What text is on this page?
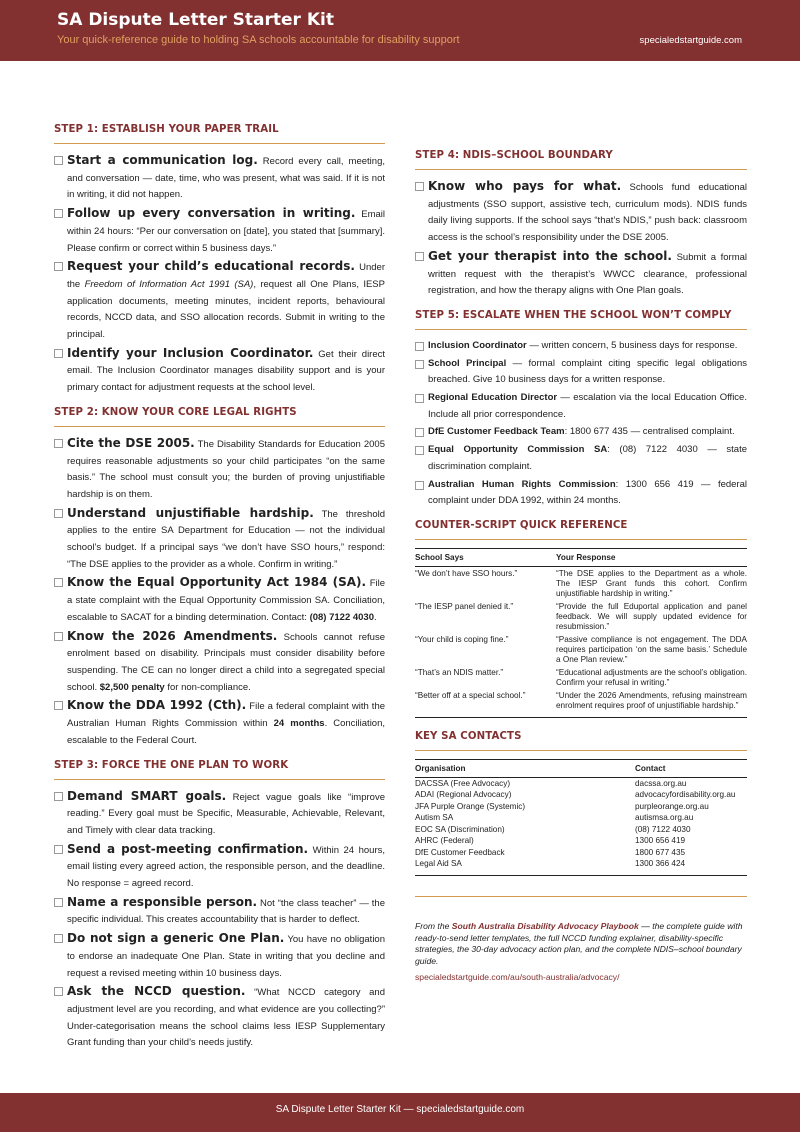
SA Dispute Letter Starter Kit
Your quick-reference guide to holding SA schools accountable for disability support	specialedstartguide.com
STEP 1: ESTABLISH YOUR PAPER TRAIL
Start a communication log. Record every call, meeting, and conversation — date, time, who was present, what was said. If it is not in writing, it did not happen.
Follow up every conversation in writing. Email within 24 hours: “Per our conversation on [date], you stated that [summary]. Please confirm or correct within 5 business days.”
Request your child’s educational records. Under the Freedom of Information Act 1991 (SA), request all One Plans, IESP application documents, meeting minutes, incident reports, behavioural records, NCCD data, and SSO allocation records. Submit in writing to the principal.
Identify your Inclusion Coordinator. Get their direct email. The Inclusion Coordinator manages disability support and is your primary contact for adjustment requests at the school level.
STEP 2: KNOW YOUR CORE LEGAL RIGHTS
Cite the DSE 2005. The Disability Standards for Education 2005 requires reasonable adjustments so your child participates “on the same basis.” The school must consult you; the burden of proving unjustifiable hardship is on them.
Understand unjustifiable hardship. The threshold applies to the entire SA Department for Education — not the individual school’s budget. If a principal says “we don’t have SSO hours,” respond: “The DSE applies to the provider as a whole. Confirm in writing.”
Know the Equal Opportunity Act 1984 (SA). File a state complaint with the Equal Opportunity Commission SA. Conciliation, escalable to SACAT for a binding determination. Contact: (08) 7122 4030.
Know the 2026 Amendments. Schools cannot refuse enrolment based on disability. Principals must consider disability before suspending. The CE can no longer direct a child into a segregated special school. $2,500 penalty for non-compliance.
Know the DDA 1992 (Cth). File a federal complaint with the Australian Human Rights Commission within 24 months. Conciliation, escalable to the Federal Court.
STEP 3: FORCE THE ONE PLAN TO WORK
Demand SMART goals. Reject vague goals like “improve reading.” Every goal must be Specific, Measurable, Achievable, Relevant, and Timely with clear data tracking.
Send a post-meeting confirmation. Within 24 hours, email listing every agreed action, the responsible person, and the deadline. No response = agreed record.
Name a responsible person. Not “the class teacher” — the specific individual. This creates accountability that is harder to deflect.
Do not sign a generic One Plan. You have no obligation to endorse an inadequate One Plan. State in writing that you decline and request a revised meeting within 10 business days.
Ask the NCCD question. “What NCCD category and adjustment level are you recording, and what evidence are you collecting?” Under-categorisation means the school claims less IESP Supplementary Grant funding than your child’s needs justify.
STEP 4: NDIS–SCHOOL BOUNDARY
Know who pays for what. Schools fund educational adjustments (SSO support, assistive tech, curriculum mods). NDIS funds daily living supports. If the school says “that’s NDIS,” push back: classroom access is the school’s responsibility under the DSE 2005.
Get your therapist into the school. Submit a formal written request with the therapist’s WWCC clearance, professional registration, and how the therapy aligns with One Plan goals.
STEP 5: ESCALATE WHEN THE SCHOOL WON’T COMPLY
Inclusion Coordinator — written concern, 5 business days for response.
School Principal — formal complaint citing specific legal obligations breached. Give 10 business days for a written response.
Regional Education Director — escalation via the local Education Office. Include all prior correspondence.
DfE Customer Feedback Team: 1800 677 435 — centralised complaint.
Equal Opportunity Commission SA: (08) 7122 4030 — state discrimination complaint.
Australian Human Rights Commission: 1300 656 419 — federal complaint under DDA 1992, within 24 months.
COUNTER-SCRIPT QUICK REFERENCE
School Says	Your Response
“We don’t have SSO hours.”	“The DSE applies to the Department as a whole. The IESP Grant funds this cohort. Confirm unjustifiable hardship in writing.”
“The IESP panel denied it.”	“Provide the full Eduportal application and panel feedback. We will supply updated evidence for resubmission.”
“Your child is coping fine.”	“Passive compliance is not engagement. The DDA requires participation ‘on the same basis.’ Schedule a One Plan review.”
“That’s an NDIS matter.”	“Educational adjustments are the school’s obligation. Confirm your refusal in writing.”
“Better off at a special school.”	“Under the 2026 Amendments, refusing mainstream enrolment requires proof of unjustifiable hardship.”
KEY SA CONTACTS
Organisation	Contact
DACSSA (Free Advocacy)	dacssa.org.au
ADAI (Regional Advocacy)	advocacyfordisability.org.au
JFA Purple Orange (Systemic)	purpleorange.org.au
Autism SA	autismsa.org.au
EOC SA (Discrimination)	(08) 7122 4030
AHRC (Federal)	1300 656 419
DfE Customer Feedback	1800 677 435
Legal Aid SA	1300 366 424
From the South Australia Disability Advocacy Playbook — the complete guide with ready-to-send letter templates, the full NCCD funding explainer, disability-specific strategies, the 30-day advocacy action plan, and the complete NDIS–school boundary guide.
specialedstartguide.com/au/south-australia/advocacy/
SA Dispute Letter Starter Kit — specialedstartguide.com
